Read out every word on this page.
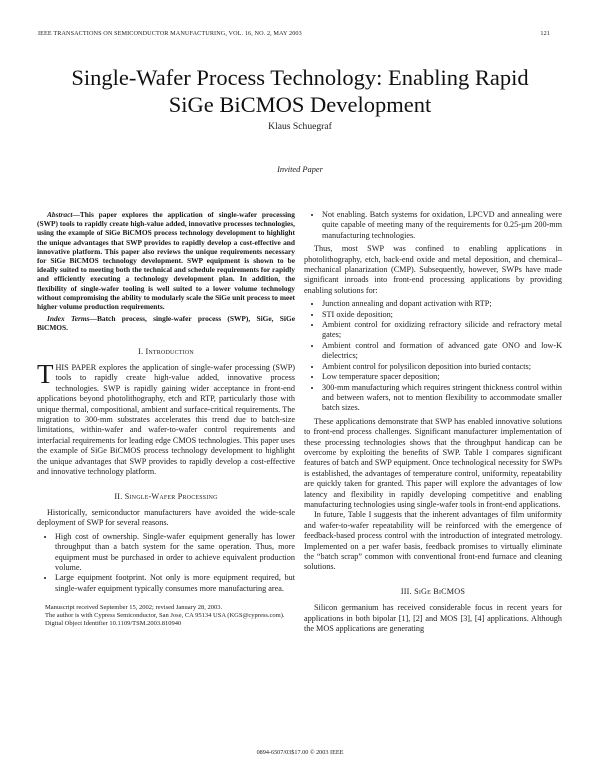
IEEE TRANSACTIONS ON SEMICONDUCTOR MANUFACTURING, VOL. 16, NO. 2, MAY 2003	121
Single-Wafer Process Technology: Enabling Rapid
SiGe BiCMOS Development
Klaus Schuegraf
Invited Paper

Abstract—This paper explores the application of single-wafer processing (SWP) tools to rapidly create high-value added, innovative processes technologies, using the example of SiGe BiCMOS process technology development to highlight the unique advantages that SWP provides to rapidly develop a cost-effective and innovative platform. This paper also reviews the unique requirements necessary for SiGe BiCMOS technology development. SWP equipment is shown to be ideally suited to meeting both the technical and schedule requirements for rapidly and efficiently executing a technology development plan. In addition, the flexibility of single-wafer tooling is well suited to a lower volume technology without compromising the ability to modularly scale the SiGe unit process to meet higher volume production requirements.

Index Terms—Batch process, single-wafer process (SWP), SiGe, SiGe BiCMOS.

I. Introduction

THIS PAPER explores the application of single-wafer processing (SWP) tools to rapidly create high-value added, innovative process technologies. SWP is rapidly gaining wider acceptance in front-end applications beyond photolithography, etch and RTP, particularly those with unique thermal, compositional, ambient and surface-critical requirements. The migration to 300-mm substrates accelerates this trend due to batch-size limitations, within-wafer and wafer-to-wafer control requirements and interfacial requirements for leading edge CMOS technologies. This paper uses the example of SiGe BiCMOS process technology development to highlight the unique advantages that SWP provides to rapidly develop a cost-effective and innovative technology platform.

II. Single-Wafer Processing

Historically, semiconductor manufacturers have avoided the wide-scale deployment of SWP for several reasons.

• High cost of ownership. Single-wafer equipment generally has lower throughput than a batch system for the same operation. Thus, more equipment must be purchased in order to achieve equivalent production volume.
• Large equipment footprint. Not only is more equipment required, but single-wafer equipment typically consumes more manufacturing area.

Manuscript received September 15, 2002; revised January 28, 2003.

The author is with Cypress Semiconductor, San Jose, CA 95134 USA (KGS@cypress.com).

Digital Object Identifier 10.1109/TSM.2003.810940

• Not enabling. Batch systems for oxidation, LPCVD and annealing were quite capable of meeting many of the requirements for 0.25-µm 200-mm manufacturing technologies.

Thus, most SWP was confined to enabling applications in photolithography, etch, back-end oxide and metal deposition, and chemical–mechanical planarization (CMP). Subsequently, however, SWPs have made significant inroads into front-end processing applications by providing enabling solutions for:

• Junction annealing and dopant activation with RTP;
• STI oxide deposition;
• Ambient control for oxidizing refractory silicide and refractory metal gates;
• Ambient control and formation of advanced gate ONO and low-K dielectrics;
• Ambient control for polysilicon deposition into buried contacts;
• Low temperature spacer deposition;
• 300-mm manufacturing which requires stringent thickness control within and between wafers, not to mention flexibility to accommodate smaller batch sizes.

These applications demonstrate that SWP has enabled innovative solutions to front-end process challenges. Significant manufacturer implementation of these processing technologies shows that the throughput handicap can be overcome by exploiting the benefits of SWP. Table I compares significant features of batch and SWP equipment. Once technological necessity for SWPs is established, the advantages of temperature control, uniformity, repeatability are quickly taken for granted. This paper will explore the advantages of low latency and flexibility in rapidly developing competitive and enabling manufacturing technologies using single-wafer tools in front-end applications.

In future, Table I suggests that the inherent advantages of film uniformity and wafer-to-wafer repeatability will be reinforced with the emergence of feedback-based process control with the introduction of integrated metrology. Implemented on a per wafer basis, feedback promises to virtually eliminate the “batch scrap” common with conventional front-end furnace and cleaning solutions.

III. SiGe BiCMOS

Silicon germanium has received considerable focus in recent years for applications in both bipolar [1], [2] and MOS [3], [4] applications. Although the MOS applications are generating

0894-6507/03$17.00 © 2003 IEEE
